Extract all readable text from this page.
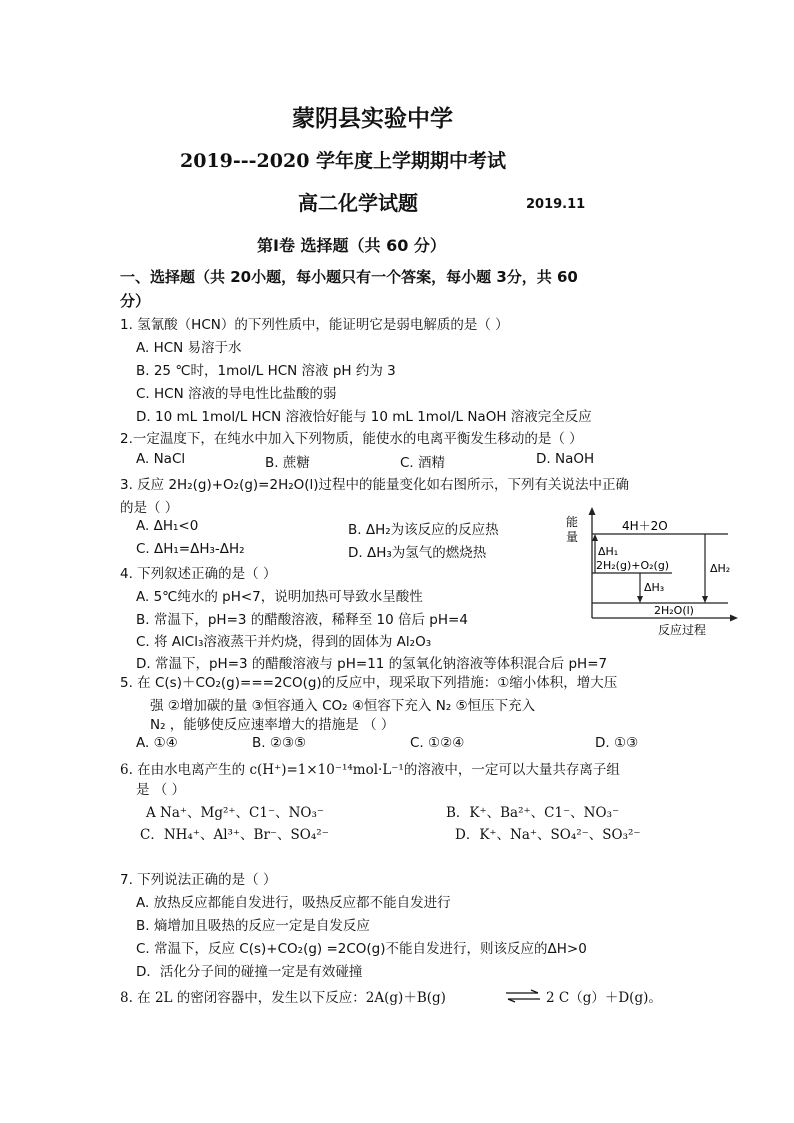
蒙阴县实验中学
2019---2020 学年度上学期期中考试
高二化学试题	2019.11
第Ⅰ卷 选择题（共 60 分）
一、选择题（共 20小题，每小题只有一个答案，每小题 3分，共 60
分）
1. 氢氰酸（HCN）的下列性质中，能证明它是弱电解质的是（ ）
A. HCN 易溶于水
B. 25 ℃时，1mol/L HCN 溶液 pH 约为 3
C. HCN 溶液的导电性比盐酸的弱
D. 10 mL 1mol/L HCN 溶液恰好能与 10 mL 1mol/L NaOH 溶液完全反应
2.一定温度下，在纯水中加入下列物质，能使水的电离平衡发生移动的是（ ）
A. NaCl	B. 蔗糖	C. 酒精	D. NaOH
3. 反应 2H₂(g)+O₂(g)=2H₂O(l)过程中的能量变化如右图所示，下列有关说法中正确
的是（ ）
A. ΔH₁<0	B. ΔH₂为该反应的反应热
C. ΔH₁=ΔH₃-ΔH₂	D. ΔH₃为氢气的燃烧热
能量
4H＋2O
2H₂(g)+O₂(g)
2H₂O(l)
ΔH₁
ΔH₃
ΔH₂
反应过程
4. 下列叙述正确的是（ ）
A. 5℃纯水的 pH<7，说明加热可导致水呈酸性
B. 常温下，pH=3 的醋酸溶液，稀释至 10 倍后 pH=4
C. 将 AlCl₃溶液蒸干并灼烧，得到的固体为 Al₂O₃
D. 常温下，pH=3 的醋酸溶液与 pH=11 的氢氧化钠溶液等体积混合后 pH=7
5. 在 C(s)＋CO₂(g)===2CO(g)的反应中，现采取下列措施：①缩小体积，增大压
强 ②增加碳的量 ③恒容通入 CO₂ ④恒容下充入 N₂ ⑤恒压下充入
N₂ ，能够使反应速率增大的措施是 （ ）
A. ①④	B. ②③⑤	C. ①②④	D. ①③
6. 在由水电离产生的 c(H⁺)=1×10⁻¹⁴mol·L⁻¹的溶液中，一定可以大量共存离子组
是 （ ）
A Na⁺、Mg²⁺、C1⁻、NO₃⁻	B．K⁺、Ba²⁺、C1⁻、NO₃⁻
C．NH₄⁺、Al³⁺、Br⁻、SO₄²⁻	D．K⁺、Na⁺、SO₄²⁻、SO₃²⁻
7. 下列说法正确的是（ ）
A. 放热反应都能自发进行，吸热反应都不能自发进行
B. 熵增加且吸热的反应一定是自发反应
C. 常温下，反应 C(s)+CO₂(g) =2CO(g)不能自发进行，则该反应的ΔH>0
D．活化分子间的碰撞一定是有效碰撞
8. 在 2L 的密闭容器中，发生以下反应：2A(g)＋B(g)	⇌ 2 C（g）＋D(g)。
